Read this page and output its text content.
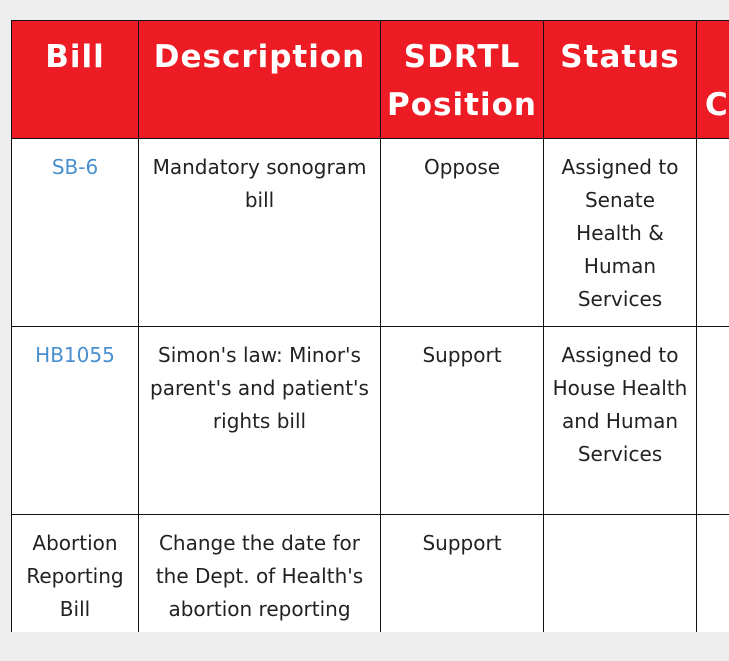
Bill	Description	SDRTL Position	Status	C
SB-6	Mandatory sonogram bill	Oppose	Assigned to Senate Health & Human Services	
HB1055	Simon's law: Minor's parent's and patient's rights bill	Support	Assigned to House Health and Human Services	
Abortion Reporting Bill	Change the date for the Dept. of Health's abortion reporting	Support		
